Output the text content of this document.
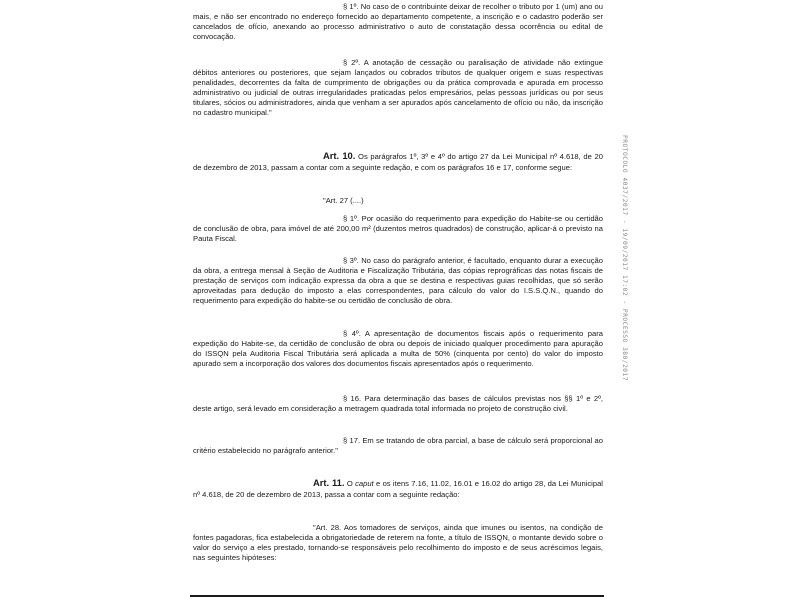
§ 1º. No caso de o contribuinte deixar de recolher o tributo por 1 (um) ano ou mais, e não ser encontrado no endereço fornecido ao departamento competente, a inscrição e o cadastro poderão ser cancelados de ofício, anexando ao processo administrativo o auto de constatação dessa ocorrência ou edital de convocação.

§ 2º. A anotação de cessação ou paralisação de atividade não extingue débitos anteriores ou posteriores, que sejam lançados ou cobrados tributos de qualquer origem e suas respectivas penalidades, decorrentes da falta de cumprimento de obrigações ou da prática comprovada e apurada em processo administrativo ou judicial de outras irregularidades praticadas pelos empresários, pelas pessoas jurídicas ou por seus titulares, sócios ou administradores, ainda que venham a ser apurados após cancelamento de ofício ou não, da inscrição no cadastro municipal."

Art. 10. Os parágrafos 1º, 3º e 4º do artigo 27 da Lei Municipal nº 4.618, de 20 de dezembro de 2013, passam a contar com a seguinte redação, e com os parágrafos 16 e 17, conforme segue:

"Art. 27 (....)

§ 1º. Por ocasião do requerimento para expedição do Habite-se ou certidão de conclusão de obra, para imóvel de até 200,00 m² (duzentos metros quadrados) de construção, aplicar-á o previsto na Pauta Fiscal.

§ 3º. No caso do parágrafo anterior, é facultado, enquanto durar a execução da obra, a entrega mensal à Seção de Auditoria e Fiscalização Tributária, das cópias reprográficas das notas fiscais de prestação de serviços com indicação expressa da obra a que se destina e respectivas guias recolhidas, que só serão aproveitadas para dedução do imposto a elas correspondentes, para cálculo do valor do I.S.S.Q.N., quando do requerimento para expedição do habite-se ou certidão de conclusão de obra.

§ 4º. A apresentação de documentos fiscais após o requerimento para expedição do Habite-se, da certidão de conclusão de obra ou depois de iniciado qualquer procedimento para apuração do ISSQN pela Auditoria Fiscal Tributária será aplicada a multa de 50% (cinquenta por cento) do valor do imposto apurado sem a incorporação dos valores dos documentos fiscais apresentados após o requerimento.

§ 16. Para determinação das bases de cálculos previstas nos §§ 1º e 2º, deste artigo, será levado em consideração a metragem quadrada total informada no projeto de construção civil.

§ 17. Em se tratando de obra parcial, a base de cálculo será proporcional ao critério estabelecido no parágrafo anterior."

Art. 11. O caput e os itens 7.16, 11.02, 16.01 e 16.02 do artigo 28, da Lei Municipal nº 4.618, de 20 de dezembro de 2013, passa a contar com a seguinte redação:

"Art. 28. Aos tomadores de serviços, ainda que imunes ou isentos, na condição de fontes pagadoras, fica estabelecida a obrigatoriedade de reterem na fonte, a título de ISSQN, o montante devido sobre o valor do serviço a eles prestado, tornando-se responsáveis pelo recolhimento do imposto e de seus acréscimos legais, nas seguintes hipóteses:

PROTOCOLO 4037/2017 - 19/09/2017 17:02 - PROCESSO 380/2017
